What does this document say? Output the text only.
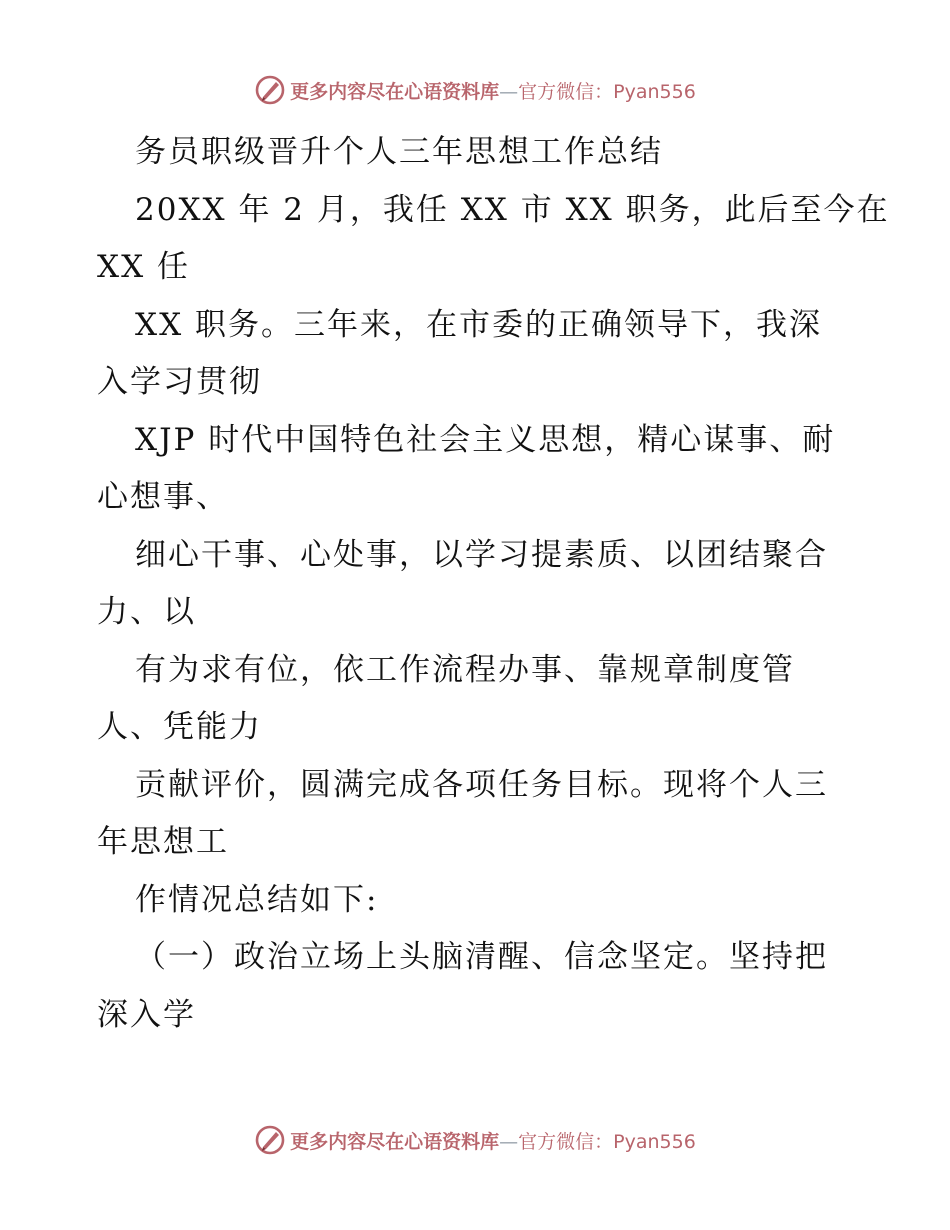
更多内容尽在心语资料库—官方微信：Pyan556
务员职级晋升个人三年思想工作总结
20XX 年 2 月，我任 XX 市 XX 职务，此后至今在
XX 任
XX 职务。三年来，在市委的正确领导下，我深
入学习贯彻
XJP 时代中国特色社会主义思想，精心谋事、耐
心想事、
细心干事、心处事，以学习提素质、以团结聚合
力、以
有为求有位，依工作流程办事、靠规章制度管
人、凭能力
贡献评价，圆满完成各项任务目标。现将个人三
年思想工
作情况总结如下:
（一）政治立场上头脑清醒、信念坚定。坚持把
深入学
更多内容尽在心语资料库—官方微信：Pyan556
